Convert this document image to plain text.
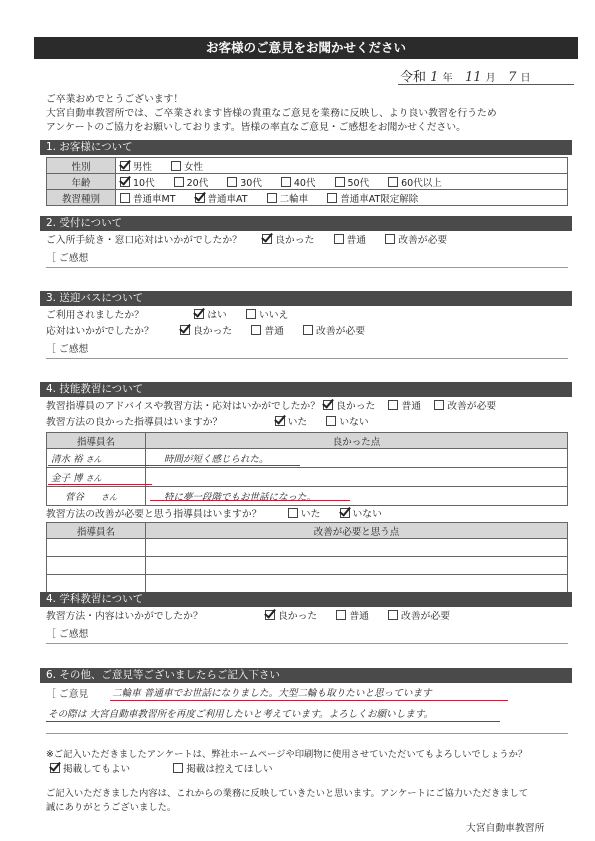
お客様のご意見をお聞かせください
令和 1 年 11 月 7 日
ご卒業おめでとうございます！
大宮自動車教習所では、ご卒業されます皆様の貴重なご意見を業務に反映し、より良い教習を行うため
アンケートのご協力をお願いしております。皆様の率直なご意見・ご感想をお聞かせください。
1. お客様について
性別	男性 女性
年齢	10代 20代 30代 40代 50代 60代以上
教習種別	普通車MT 普通車AT 二輪車 普通車AT限定解除
2. 受付について
ご入所手続き・窓口応対はいかがでしたか？	良かった	普通	改善が必要
［ ご感想
3. 送迎バスについて
ご利用されましたか？	はい	いいえ
応対はいかがでしたか？	良かった	普通	改善が必要
［ ご感想
4. 技能教習について
教習指導員のアドバイスや教習方法・応対はいかがでしたか？ 良かった	普通	改善が必要
教習方法の良かった指導員はいますか？	いた	いない
指導員名	良かった点
清水 裕 さん	時間が短く感じられた。
金子 博 さん	
菅谷 さん	特に夢一段階でもお世話になった。
教習方法の改善が必要と思う指導員はいますか？	いた	いない
指導員名	改善が必要と思う点

4. 学科教習について
教習方法・内容はいかがでしたか？	良かった	普通	改善が必要
［ ご感想
6. その他、ご意見等ございましたらご記入下さい
［ ご意見 二輪車 普通車でお世話になりました。大型二輪も取りたいと思っています
その際は 大宮自動車教習所を再度ご利用したいと考えています。よろしくお願いします。
※ご記入いただきましたアンケートは、弊社ホームページや印刷物に使用させていただいてもよろしいでしょうか？
掲載してもよい	掲載は控えてほしい
ご記入いただきました内容は、これからの業務に反映していきたいと思います。アンケートにご協力いただきまして
誠にありがとうございました。
大宮自動車教習所
